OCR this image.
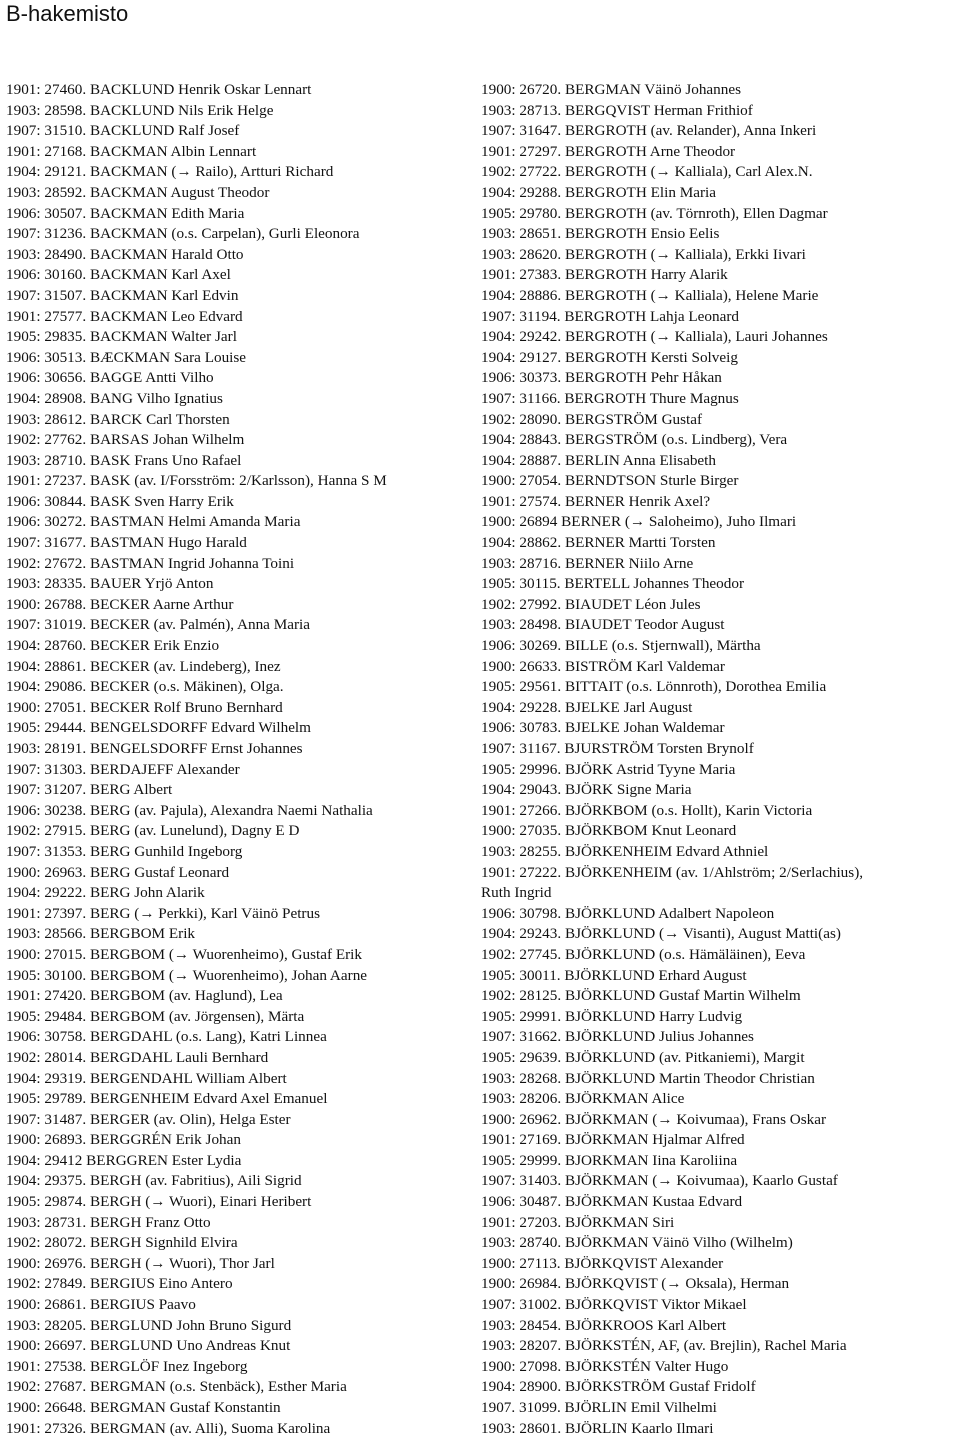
B-hakemisto
1901: 27460. BACKLUND Henrik Oskar Lennart
1903: 28598. BACKLUND Nils Erik Helge
1907: 31510. BACKLUND Ralf Josef
1901: 27168. BACKMAN Albin Lennart
1904: 29121. BACKMAN (→ Railo), Artturi Richard
1903: 28592. BACKMAN August Theodor
1906: 30507. BACKMAN Edith Maria
1907: 31236. BACKMAN (o.s. Carpelan), Gurli Eleonora
1903: 28490. BACKMAN Harald Otto
1906: 30160. BACKMAN Karl Axel
1907: 31507. BACKMAN Karl Edvin
1901: 27577. BACKMAN Leo Edvard
1905: 29835. BACKMAN Walter Jarl
1906: 30513. BÆCKMAN Sara Louise
1906: 30656. BAGGE Antti Vilho
1904: 28908. BANG Vilho Ignatius
1903: 28612. BARCK Carl Thorsten
1902: 27762. BARSAS Johan Wilhelm
1903: 28710. BASK Frans Uno Rafael
1901: 27237. BASK (av. I/Forsström: 2/Karlsson), Hanna S M
1906: 30844. BASK Sven Harry Erik
1906: 30272. BASTMAN Helmi Amanda Maria
1907: 31677. BASTMAN Hugo Harald
1902: 27672. BASTMAN Ingrid Johanna Toini
1903: 28335. BAUER Yrjö Anton
1900: 26788. BECKER Aarne Arthur
1907: 31019. BECKER (av. Palmén), Anna Maria
1904: 28760. BECKER Erik Enzio
1904: 28861. BECKER (av. Lindeberg), Inez
1904: 29086. BECKER (o.s. Mäkinen), Olga.
1900: 27051. BECKER Rolf Bruno Bernhard
1905: 29444. BENGELSDORFF Edvard Wilhelm
1903: 28191. BENGELSDORFF Ernst Johannes
1907: 31303. BERDAJEFF Alexander
1907: 31207. BERG Albert
1906: 30238. BERG (av. Pajula), Alexandra Naemi Nathalia
1902: 27915. BERG (av. Lunelund), Dagny E D
1907: 31353. BERG Gunhild Ingeborg
1900: 26963. BERG Gustaf Leonard
1904: 29222. BERG John Alarik
1901: 27397. BERG (→ Perkki), Karl Väinö Petrus
1903: 28566. BERGBOM Erik
1900: 27015. BERGBOM (→ Wuorenheimo), Gustaf Erik
1905: 30100. BERGBOM (→ Wuorenheimo), Johan Aarne
1901: 27420. BERGBOM (av. Haglund), Lea
1905: 29484. BERGBOM (av. Jörgensen), Märta
1906: 30758. BERGDAHL (o.s. Lang), Katri Linnea
1902: 28014. BERGDAHL Lauli Bernhard
1904: 29319. BERGENDAHL William Albert
1905: 29789. BERGENHEIM Edvard Axel Emanuel
1907: 31487. BERGER (av. Olin), Helga Ester
1900: 26893. BERGGRÉN Erik Johan
1904: 29412 BERGGREN Ester Lydia
1904: 29375. BERGH (av. Fabritius), Aili Sigrid
1905: 29874. BERGH (→ Wuori), Einari Heribert
1903: 28731. BERGH Franz Otto
1902: 28072. BERGH Signhild Elvira
1900: 26976. BERGH (→ Wuori), Thor Jarl
1902: 27849. BERGIUS Eino Antero
1900: 26861. BERGIUS Paavo
1903: 28205. BERGLUND John Bruno Sigurd
1900: 26697. BERGLUND Uno Andreas Knut
1901: 27538. BERGLÖF Inez Ingeborg
1902: 27687. BERGMAN (o.s. Stenbäck), Esther Maria
1900: 26648. BERGMAN Gustaf Konstantin
1901: 27326. BERGMAN (av. Alli), Suoma Karolina
1900: 26720. BERGMAN Väinö Johannes
1903: 28713. BERGQVIST Herman Frithiof
1907: 31647. BERGROTH (av. Relander), Anna Inkeri
1901: 27297. BERGROTH Arne Theodor
1902: 27722. BERGROTH (→ Kalliala), Carl Alex.N.
1904: 29288. BERGROTH Elin Maria
1905: 29780. BERGROTH (av. Törnroth), Ellen Dagmar
1903: 28651. BERGROTH Ensio Eelis
1903: 28620. BERGROTH (→ Kalliala), Erkki Iivari
1901: 27383. BERGROTH Harry Alarik
1904: 28886. BERGROTH (→ Kalliala), Helene Marie
1907: 31194. BERGROTH Lahja Leonard
1904: 29242. BERGROTH (→ Kalliala), Lauri Johannes
1904: 29127. BERGROTH Kersti Solveig
1906: 30373. BERGROTH Pehr Håkan
1907: 31166. BERGROTH Thure Magnus
1902: 28090. BERGSTRÖM Gustaf
1904: 28843. BERGSTRÖM (o.s. Lindberg), Vera
1904: 28887. BERLIN Anna Elisabeth
1900: 27054. BERNDTSON Sturle Birger
1901: 27574. BERNER Henrik Axel?
1900: 26894 BERNER (→ Saloheimo), Juho Ilmari
1904: 28862. BERNER Martti Torsten
1903: 28716. BERNER Niilo Arne
1905: 30115. BERTELL Johannes Theodor
1902: 27992. BIAUDET Léon Jules
1903: 28498. BIAUDET Teodor August
1906: 30269. BILLE (o.s. Stjernwall), Märtha
1900: 26633. BISTRÖM Karl Valdemar
1905: 29561. BITTAIT (o.s. Lönnroth), Dorothea Emilia
1904: 29228. BJELKE Jarl August
1906: 30783. BJELKE Johan Waldemar
1907: 31167. BJURSTRÖM Torsten Brynolf
1905: 29996. BJÖRK Astrid Tyyne Maria
1904: 29043. BJÖRK Signe Maria
1901: 27266. BJÖRKBOM (o.s. Hollt), Karin Victoria
1900: 27035. BJÖRKBOM Knut Leonard
1903: 28255. BJÖRKENHEIM Edvard Athniel
1901: 27222. BJÖRKENHEIM (av. 1/Ahlström; 2/Serlachius),
Ruth Ingrid
1906: 30798. BJÖRKLUND Adalbert Napoleon
1904: 29243. BJÖRKLUND (→ Visanti), August Matti(as)
1902: 27745. BJÖRKLUND (o.s. Hämäläinen), Eeva
1905: 30011. BJÖRKLUND Erhard August
1902: 28125. BJÖRKLUND Gustaf Martin Wilhelm
1905: 29991. BJÖRKLUND Harry Ludvig
1907: 31662. BJÖRKLUND Julius Johannes
1905: 29639. BJÖRKLUND (av. Pitkaniemi), Margit
1903: 28268. BJÖRKLUND Martin Theodor Christian
1903: 28206. BJÖRKMAN Alice
1900: 26962. BJÖRKMAN (→ Koivumaa), Frans Oskar
1901: 27169. BJÖRKMAN Hjalmar Alfred
1905: 29999. BJORKMAN Iina Karoliina
1907: 31403. BJÖRKMAN (→ Koivumaa), Kaarlo Gustaf
1906: 30487. BJÖRKMAN Kustaa Edvard
1901: 27203. BJÖRKMAN Siri
1903: 28740. BJÖRKMAN Väinö Vilho (Wilhelm)
1900: 27113. BJÖRKQVIST Alexander
1900: 26984. BJÖRKQVIST (→ Oksala), Herman
1907: 31002. BJÖRKQVIST Viktor Mikael
1903: 28454. BJÖRKROOS Karl Albert
1903: 28207. BJÖRKSTÉN, AF, (av. Brejlin), Rachel Maria
1900: 27098. BJÖRKSTÉN Valter Hugo
1904: 28900. BJÖRKSTRÖM Gustaf Fridolf
1907. 31099. BJÖRLIN Emil Vilhelmi
1903: 28601. BJÖRLIN Kaarlo Ilmari
